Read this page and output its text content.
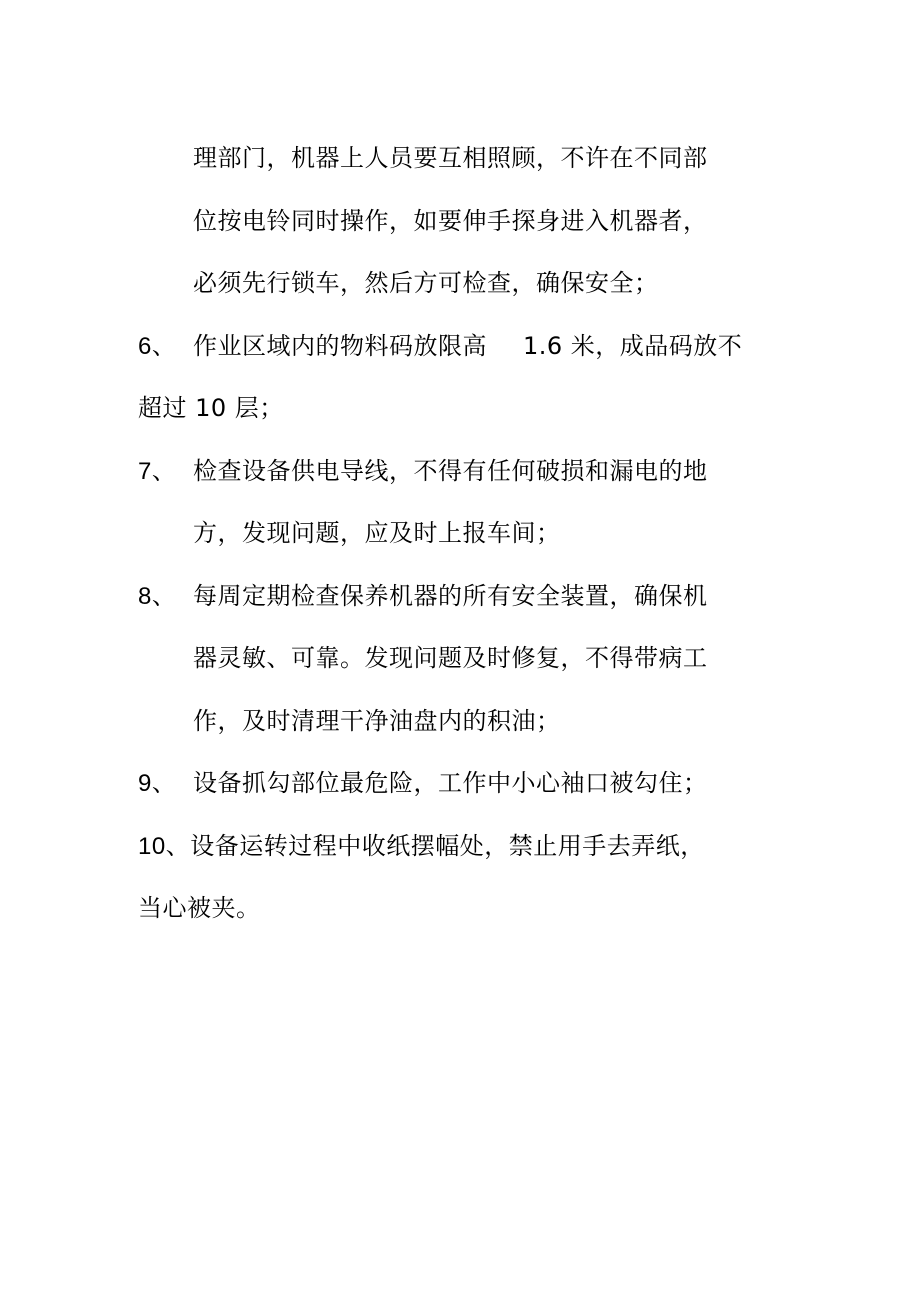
理部门，机器上人员要互相照顾，不许在不同部
位按电铃同时操作，如要伸手探身进入机器者，
必须先行锁车，然后方可检查，确保安全；
6、 作业区域内的物料码放限高 1.6 米，成品码放不
超过 10 层；
7、 检查设备供电导线，不得有任何破损和漏电的地
方，发现问题，应及时上报车间；
8、 每周定期检查保养机器的所有安全装置，确保机
器灵敏、可靠。发现问题及时修复，不得带病工
作，及时清理干净油盘内的积油；
9、 设备抓勾部位最危险，工作中小心袖口被勾住；
10、设备运转过程中收纸摆幅处，禁止用手去弄纸，
当心被夹。
